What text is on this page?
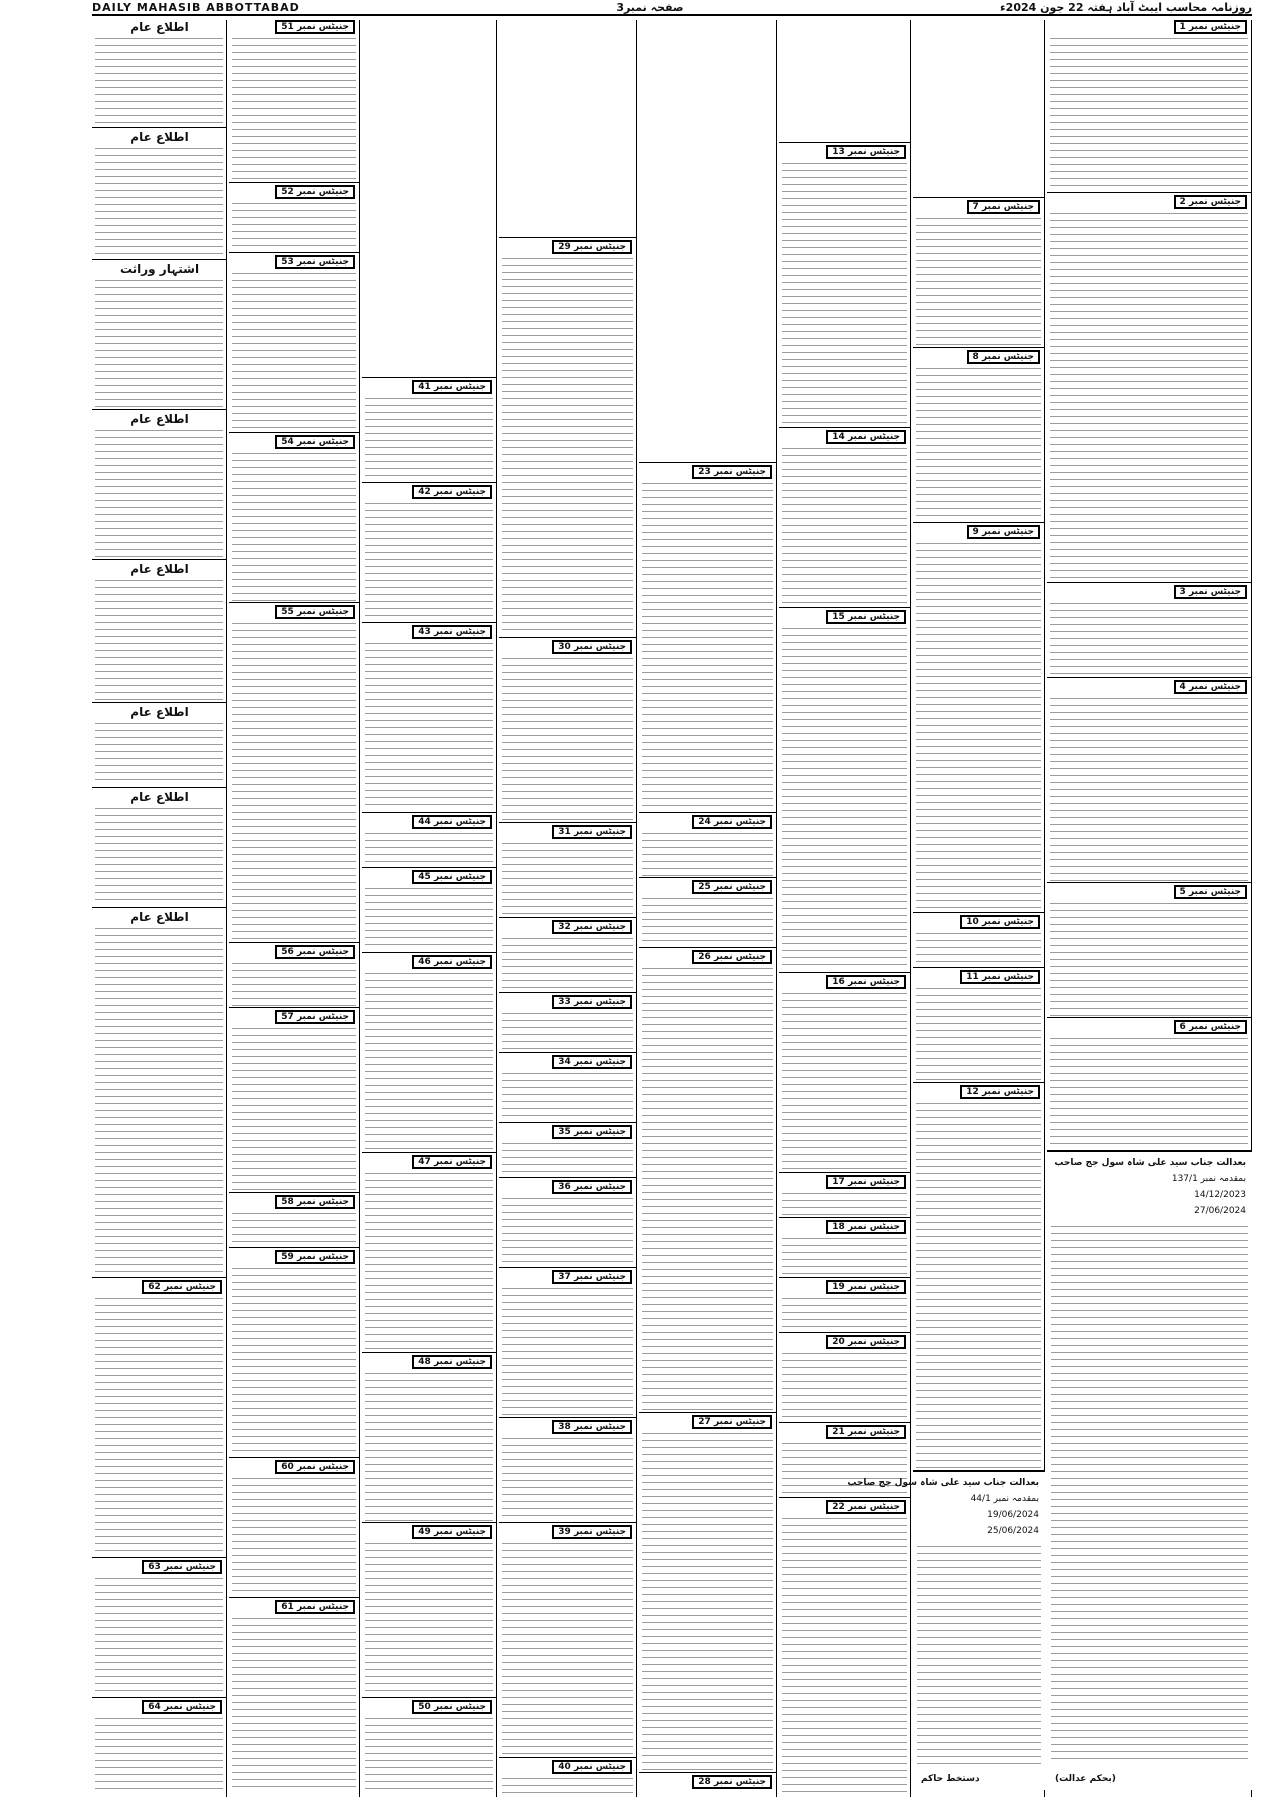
DAILY MAHASIB ABBOTTABAD	صفحہ نمبر3	روزنامہ محاسب ایبٹ آباد ہفتہ 22 جون 2024ء
اطلاع عام
اطلاع عام
اشتہار وراثت
اطلاع عام
اطلاع عام
اطلاع عام
اطلاع عام
اطلاع عام
جنیٹس نمبر 62
جنیٹس نمبر 63
جنیٹس نمبر 64
جنیٹس نمبر 51
جنیٹس نمبر 52
جنیٹس نمبر 53
جنیٹس نمبر 54
جنیٹس نمبر 55
جنیٹس نمبر 56
جنیٹس نمبر 57
جنیٹس نمبر 58
جنیٹس نمبر 59
جنیٹس نمبر 60
جنیٹس نمبر 61
جنیٹس نمبر 41
جنیٹس نمبر 42
جنیٹس نمبر 43
جنیٹس نمبر 44
جنیٹس نمبر 45
جنیٹس نمبر 46
جنیٹس نمبر 47
جنیٹس نمبر 48
جنیٹس نمبر 49
جنیٹس نمبر 50
جنیٹس نمبر 29
جنیٹس نمبر 30
جنیٹس نمبر 31
جنیٹس نمبر 32
جنیٹس نمبر 33
جنیٹس نمبر 34
جنیٹس نمبر 35
جنیٹس نمبر 36
جنیٹس نمبر 37
جنیٹس نمبر 38
جنیٹس نمبر 39
جنیٹس نمبر 40
جنیٹس نمبر 23
جنیٹس نمبر 24
جنیٹس نمبر 25
جنیٹس نمبر 26
جنیٹس نمبر 27
جنیٹس نمبر 28
جنیٹس نمبر 13
جنیٹس نمبر 14
جنیٹس نمبر 15
جنیٹس نمبر 16
جنیٹس نمبر 17
جنیٹس نمبر 18
جنیٹس نمبر 19
جنیٹس نمبر 20
جنیٹس نمبر 21
جنیٹس نمبر 22
جنیٹس نمبر 7
جنیٹس نمبر 8
جنیٹس نمبر 9
جنیٹس نمبر 10
جنیٹس نمبر 11
جنیٹس نمبر 12
جنیٹس نمبر 1
جنیٹس نمبر 2
جنیٹس نمبر 3
جنیٹس نمبر 4
جنیٹس نمبر 5
جنیٹس نمبر 6
بعدالت جناب سید علی شاہ سول جج صاحب
بمقدمہ نمبر 137/1
14/12/2023
27/06/2024
(بحکم عدالت)
بعدالت جناب سید علی شاہ سول جج صاحب
بمقدمہ نمبر 44/1
19/06/2024
25/06/2024
دستخط حاکم
